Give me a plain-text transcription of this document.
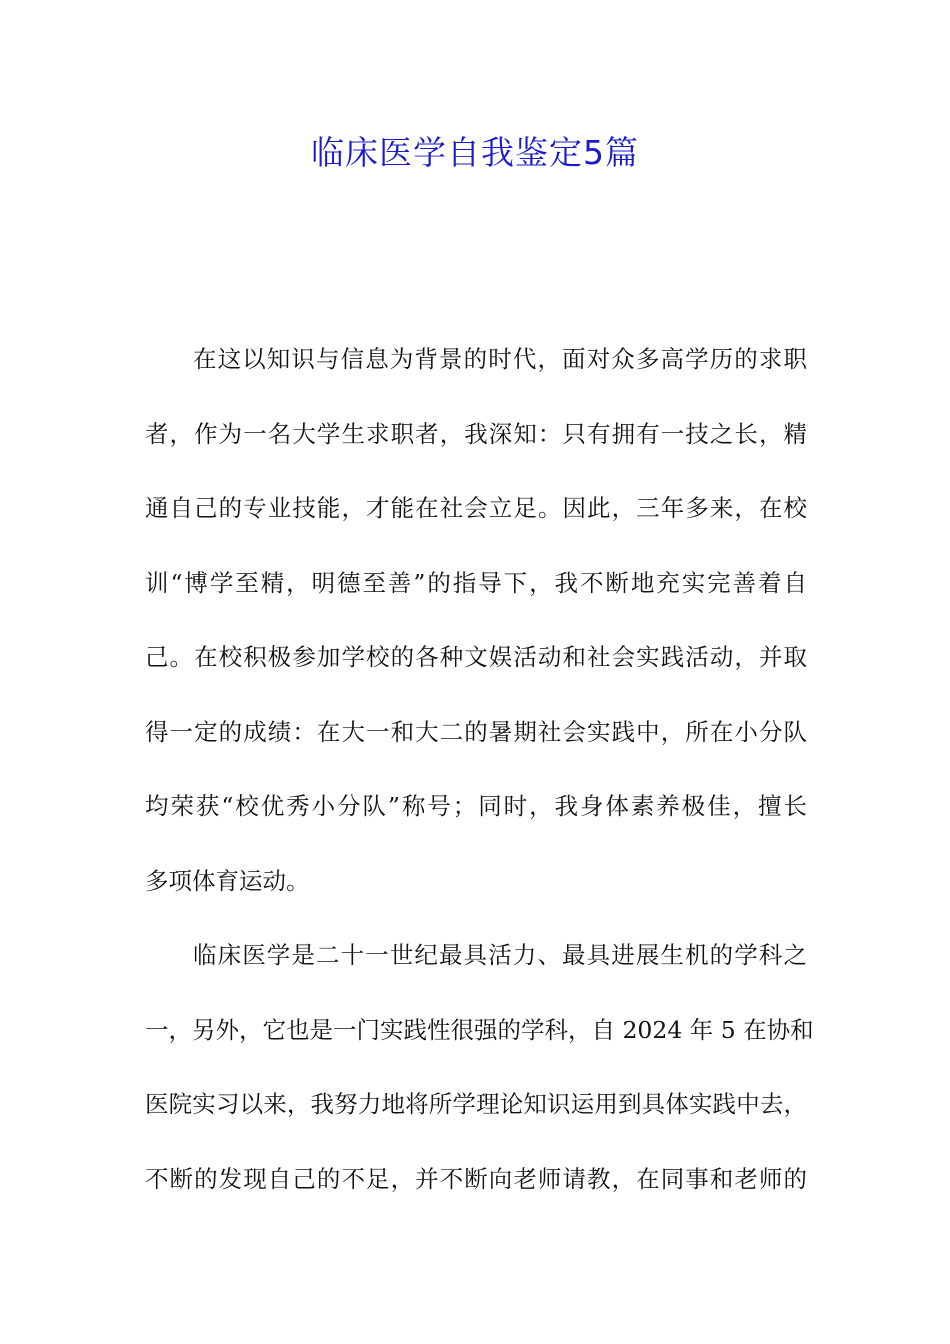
临床医学自我鉴定5篇

在这以知识与信息为背景的时代，面对众多高学历的求职
者，作为一名大学生求职者，我深知：只有拥有一技之长，精
通自己的专业技能，才能在社会立足。因此，三年多来，在校
训“博学至精，明德至善”的指导下，我不断地充实完善着自
己。在校积极参加学校的各种文娱活动和社会实践活动，并取
得一定的成绩：在大一和大二的暑期社会实践中，所在小分队
均荣获“校优秀小分队”称号；同时，我身体素养极佳，擅长
多项体育运动。

临床医学是二十一世纪最具活力、最具进展生机的学科之
一，另外，它也是一门实践性很强的学科，自 2024 年 5 在协和
医院实习以来，我努力地将所学理论知识运用到具体实践中去，
不断的发现自己的不足，并不断向老师请教，在同事和老师的
